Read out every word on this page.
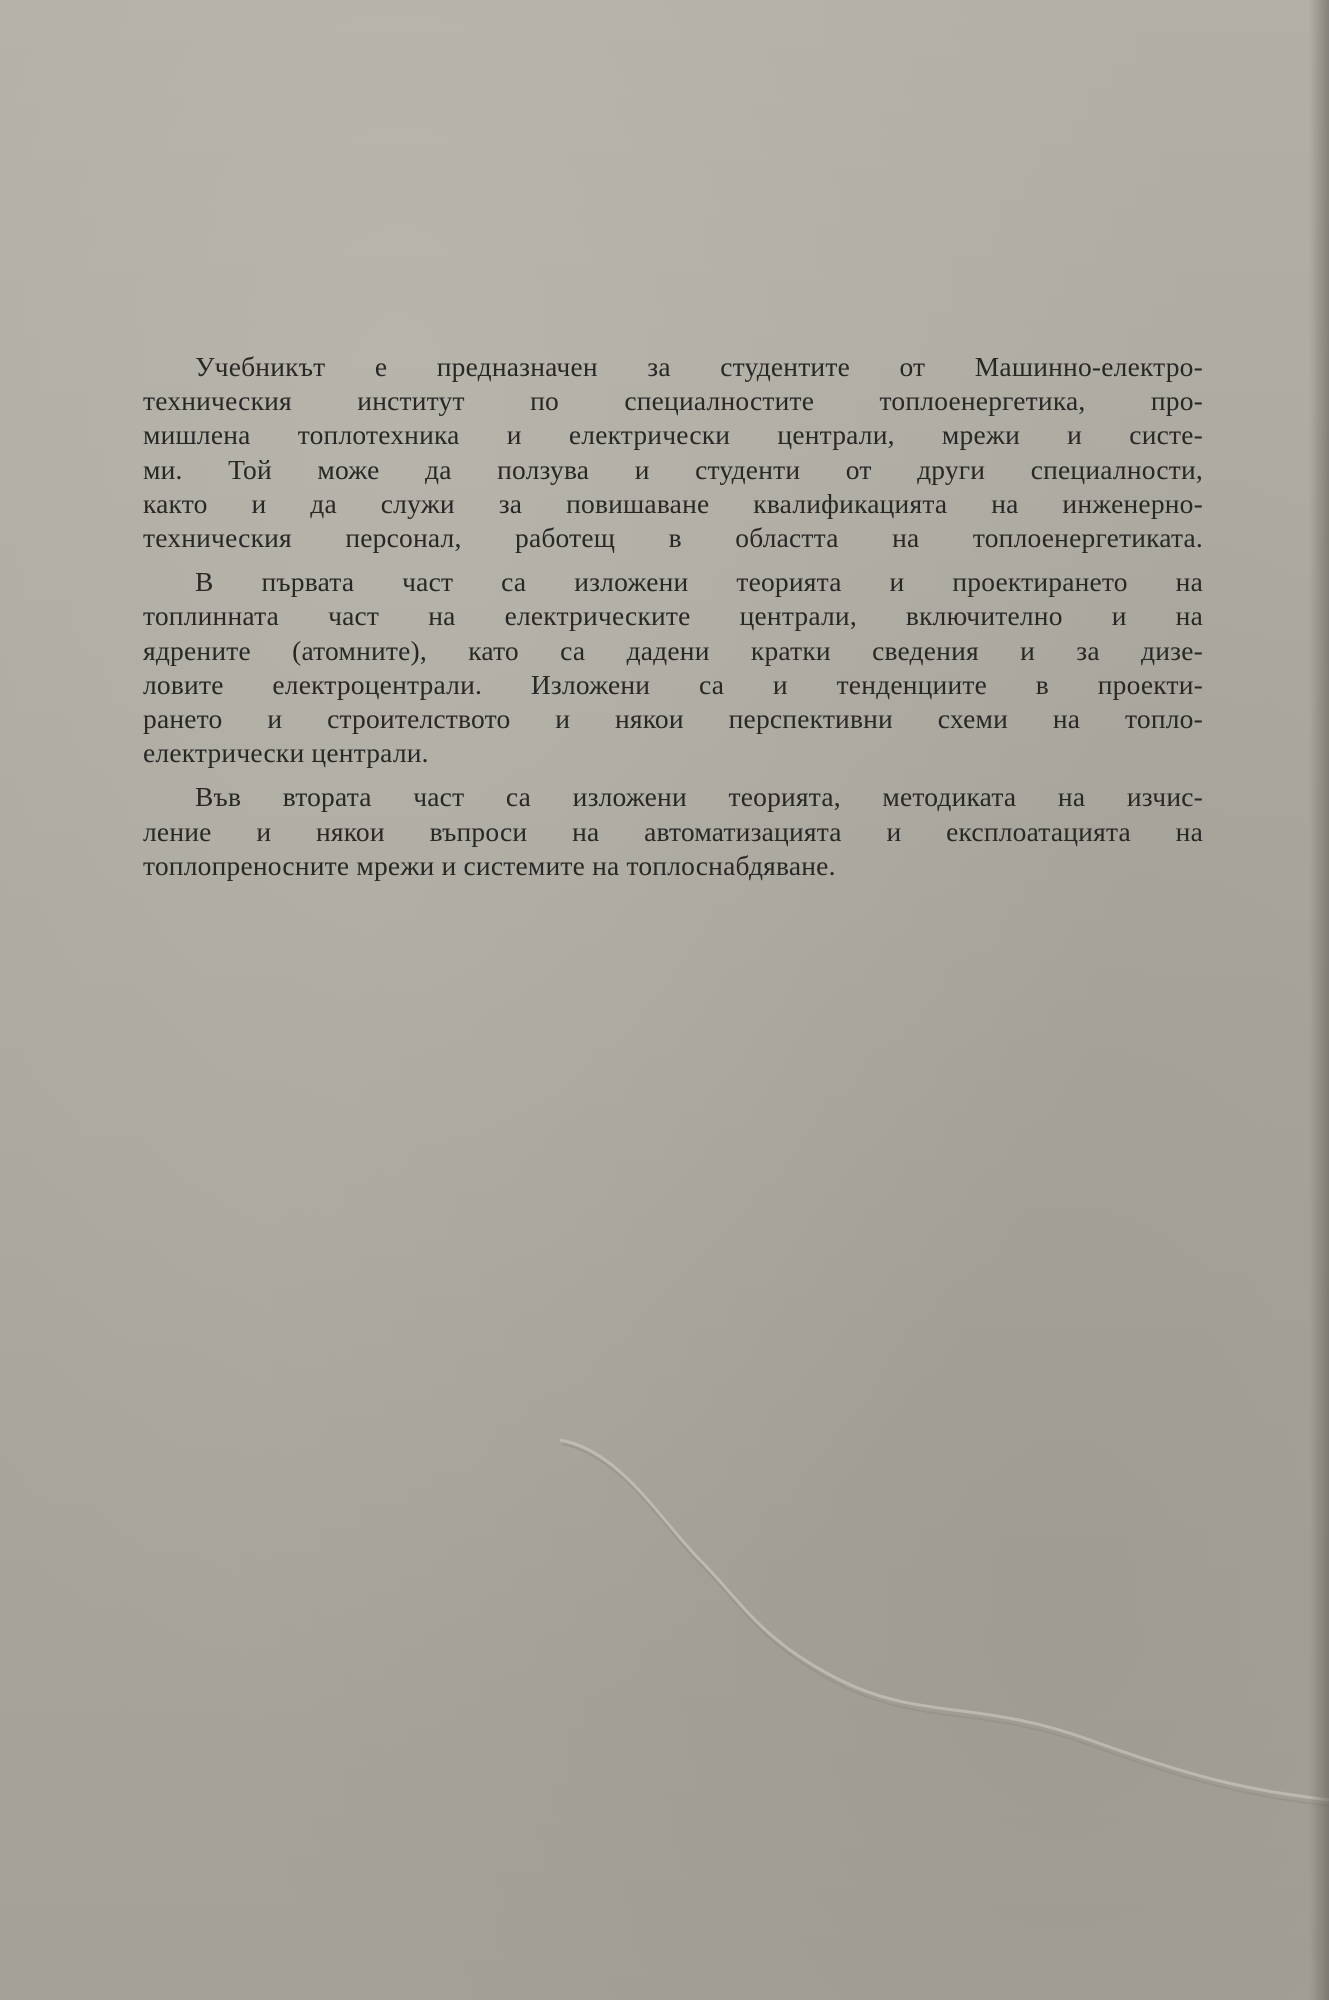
Учебникът е предназначен за студентите от Машинно-електро-
техническия институт по специалностите топлоенергетика, про-
мишлена топлотехника и електрически централи, мрежи и систе-
ми. Той може да ползува и студенти от други специалности,
както и да служи за повишаване квалификацията на инженерно-
техническия персонал, работещ в областта на топлоенергетиката.

В първата част са изложени теорията и проектирането на
топлинната част на електрическите централи, включително и на
ядрените (атомните), като са дадени кратки сведения и за дизе-
ловите електроцентрали. Изложени са и тенденциите в проекти-
рането и строителството и някои перспективни схеми на топло-
електрически централи.

Във втората част са изложени теорията, методиката на изчис-
ление и някои въпроси на автоматизацията и експлоатацията на
топлопреносните мрежи и системите на топлоснабдяване.
